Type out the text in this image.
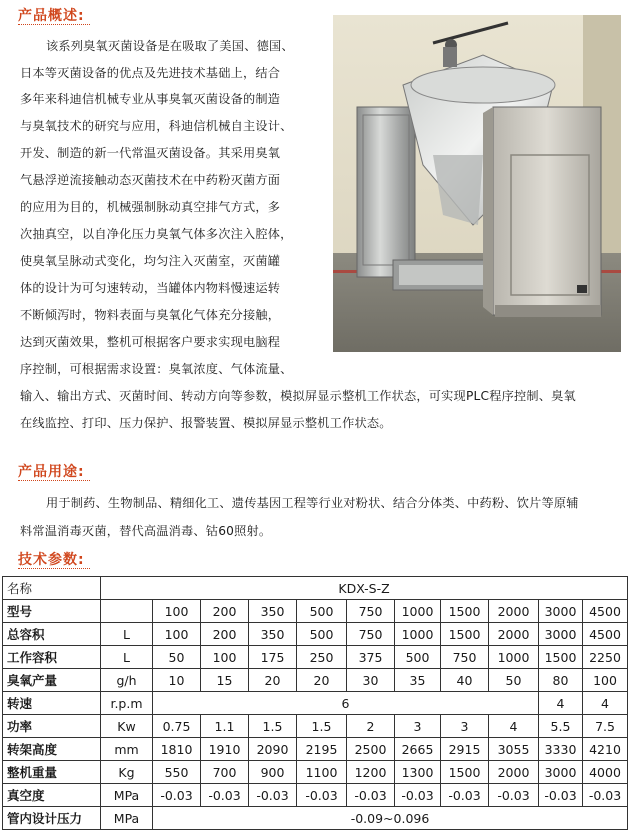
产品概述:
该系列臭氧灭菌设备是在吸取了美国、德国、
日本等灭菌设备的优点及先进技术基础上，结合
多年来科迪信机械专业从事臭氧灭菌设备的制造
与臭氧技术的研究与应用，科迪信机械自主设计、
开发、制造的新一代常温灭菌设备。其采用臭氧
气悬浮逆流接触动态灭菌技术在中药粉灭菌方面
的应用为目的，机械强制脉动真空排气方式，多
次抽真空，以自净化压力臭氧气体多次注入腔体，
使臭氧呈脉动式变化，均匀注入灭菌室，灭菌罐
体的设计为可匀速转动，当罐体内物料慢速运转
不断倾泻时，物料表面与臭氧化气体充分接触，
达到灭菌效果，整机可根据客户要求实现电脑程
序控制，可根据需求设置：臭氧浓度、气体流量、
输入、输出方式、灭菌时间、转动方向等参数，模拟屏显示整机工作状态，可实现PLC程序控制、臭氧
在线监控、打印、压力保护、报警装置、模拟屏显示整机工作状态。
产品用途:
用于制药、生物制品、精细化工、遗传基因工程等行业对粉状、结合分体类、中药粉、饮片等原辅
料常温消毒灭菌，替代高温消毒、钴60照射。
技术参数:
名称	KDX-S-Z										
型号		100	200	350	500	750	1000	1500	2000	3000	4500
总容积	L	100	200	350	500	750	1000	1500	2000	3000	4500
工作容积	L	50	100	175	250	375	500	750	1000	1500	2250
臭氧产量	g/h	10	15	20	20	30	35	40	50	80	100
转速	r.p.m	6								4	4
功率	Kw	0.75	1.1	1.5	1.5	2	3	3	4	5.5	7.5
转架高度	mm	1810	1910	2090	2195	2500	2665	2915	3055	3330	4210
整机重量	Kg	550	700	900	1100	1200	1300	1500	2000	3000	4000
真空度	MPa	-0.03	-0.03	-0.03	-0.03	-0.03	-0.03	-0.03	-0.03	-0.03	-0.03
管内设计压力	MPa	-0.09~0.096									
